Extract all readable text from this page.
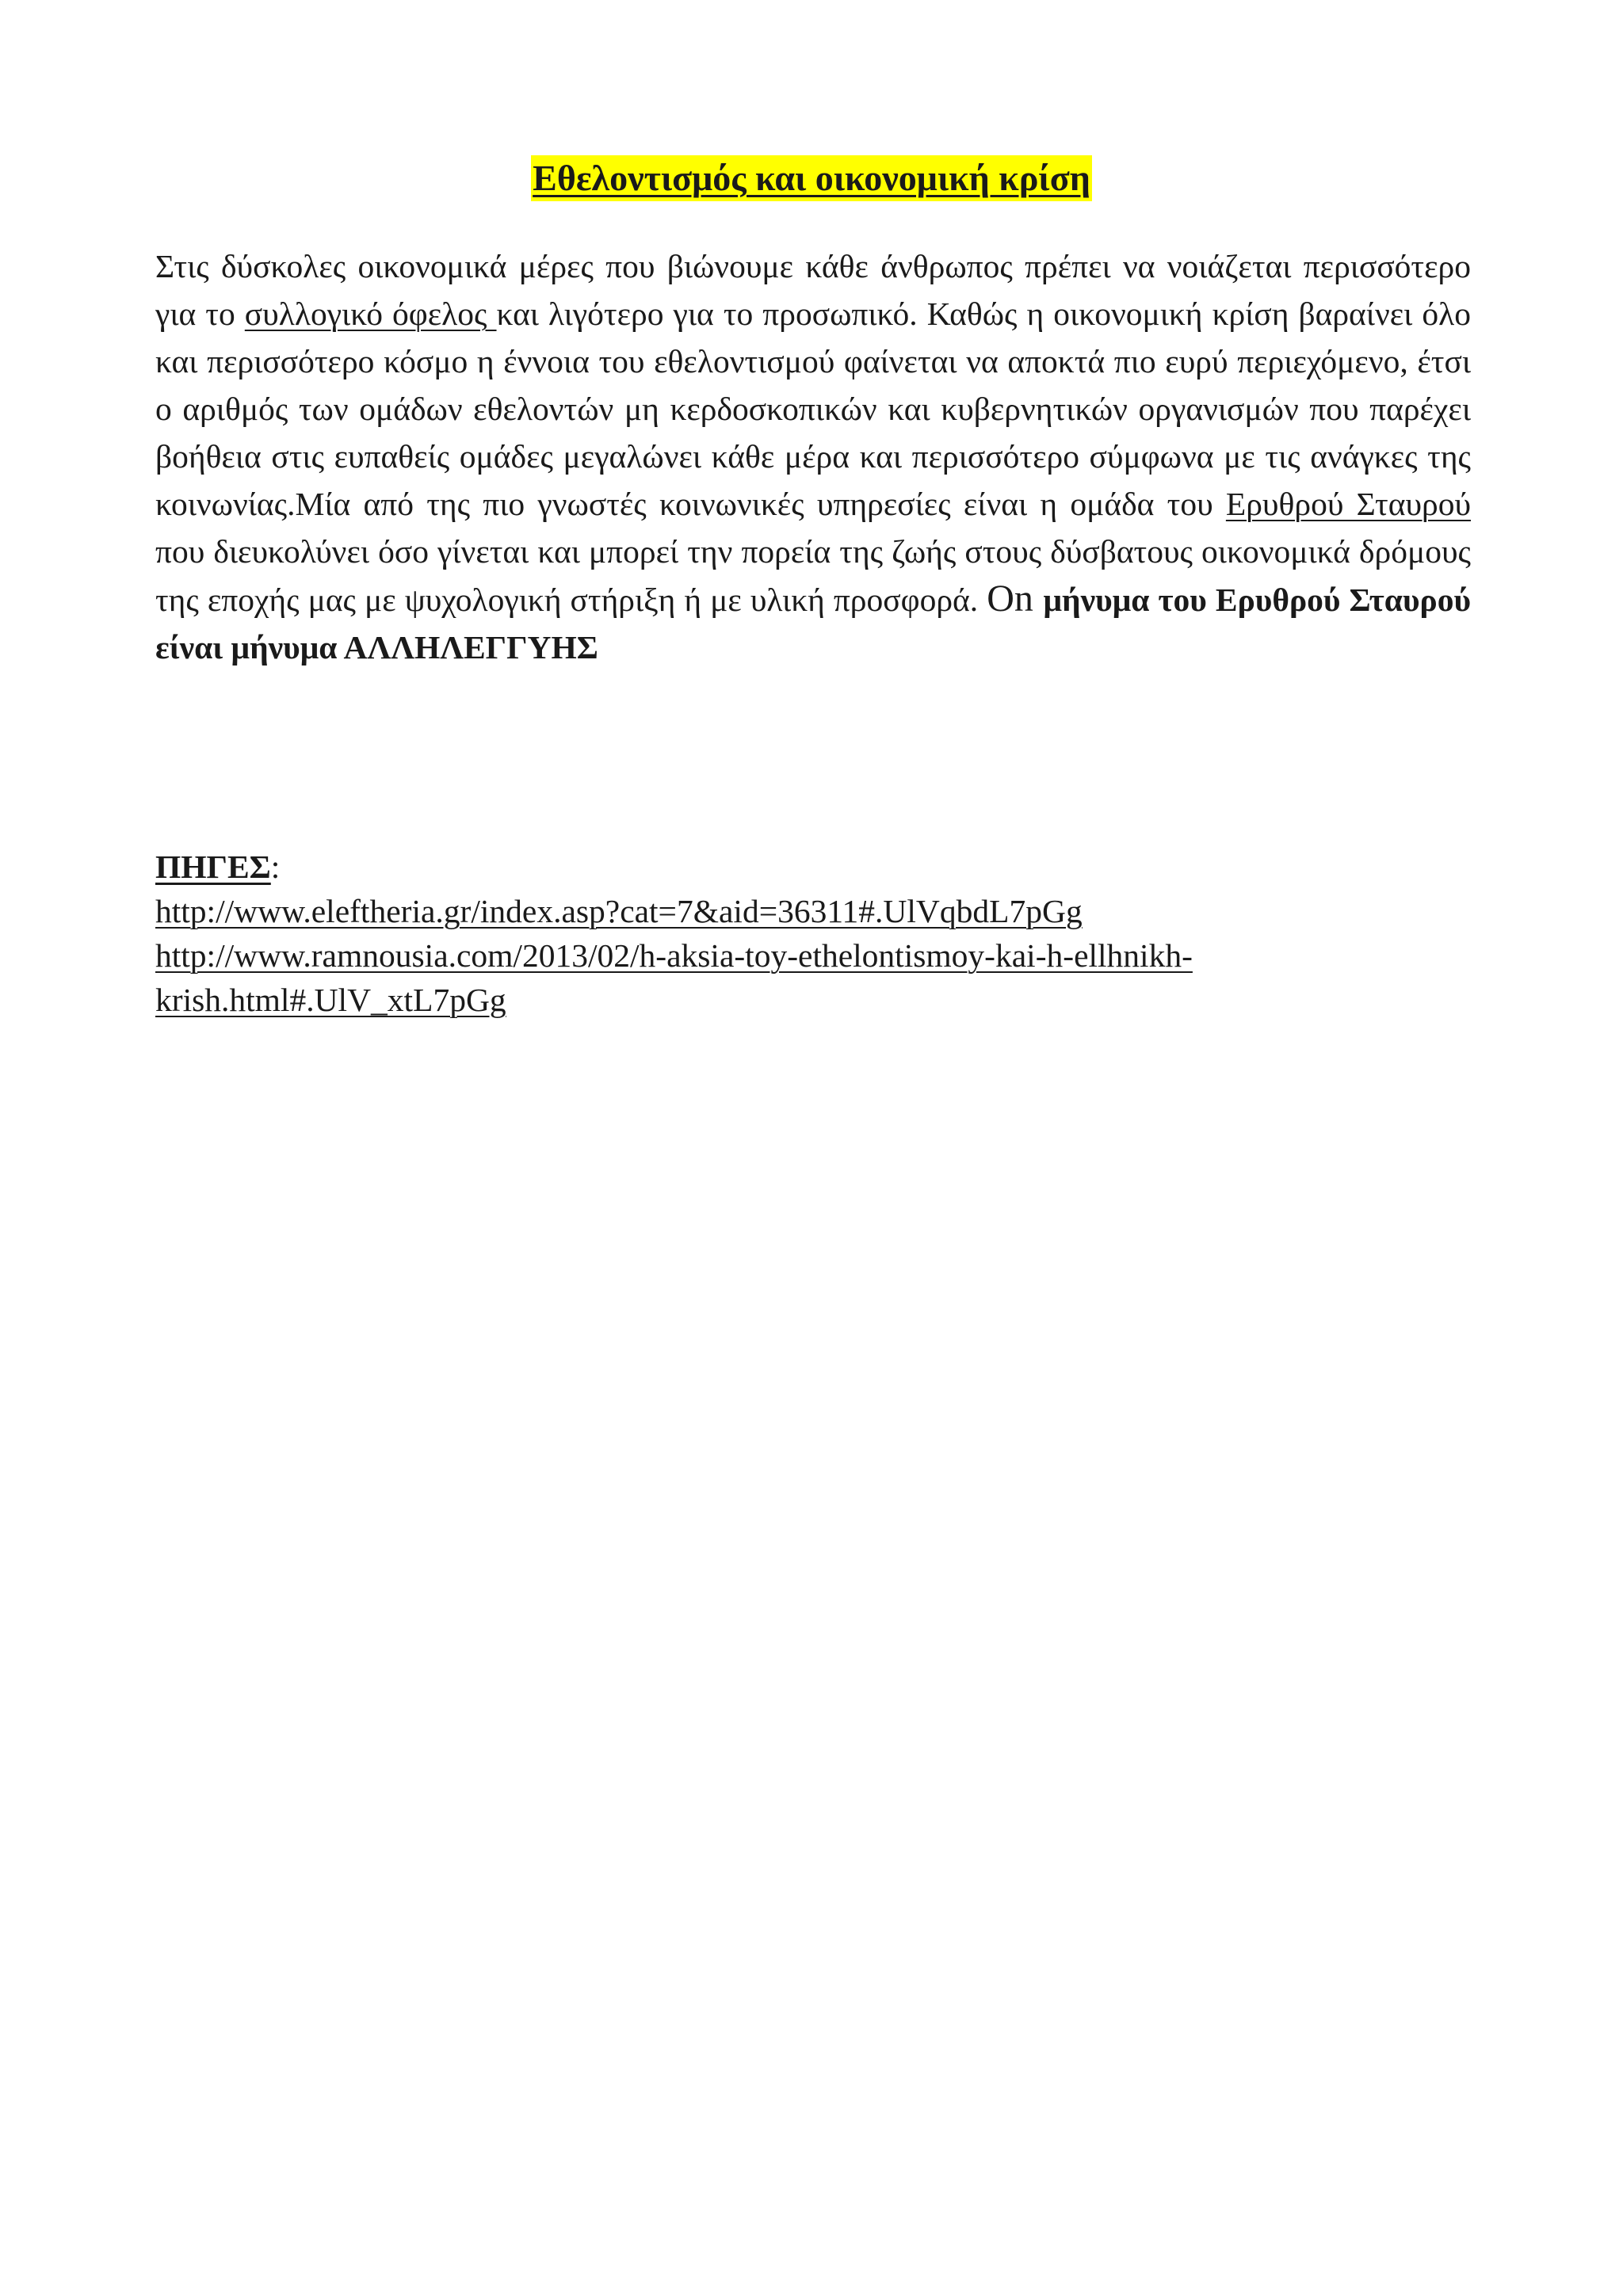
Εθελοντισμός και οικονομική κρίση

Στις δύσκολες οικονομικά μέρες που βιώνουμε κάθε άνθρωπος πρέπει να νοιάζεται περισσότερο για το συλλογικό όφελος και λιγότερο για το προσωπικό. Καθώς η οικονομική κρίση βαραίνει όλο και περισσότερο κόσμο η έννοια του εθελοντισμού φαίνεται να αποκτά πιο ευρύ περιεχόμενο, έτσι ο αριθμός των ομάδων εθελοντών μη κερδοσκοπικών και κυβερνητικών οργανισμών που παρέχει βοήθεια στις ευπαθείς ομάδες μεγαλώνει κάθε μέρα και περισσότερο σύμφωνα με τις ανάγκες της κοινωνίας.Μία από της πιο γνωστές κοινωνικές υπηρεσίες είναι η ομάδα του Ερυθρού Σταυρού που διευκολύνει όσο γίνεται και μπορεί την πορεία της ζωής στους δύσβατους οικονομικά δρόμους της εποχής μας με ψυχολογική στήριξη ή με υλική προσφορά. Οn μήνυμα του Ερυθρού Σταυρού είναι μήνυμα ΑΛΛΗΛΕΓΓΥΗΣ

ΠΗΓΕΣ:
http://www.eleftheria.gr/index.asp?cat=7&aid=36311#.UlVqbdL7pGg
http://www.ramnousia.com/2013/02/h-aksia-toy-ethelontismoy-kai-h-ellhnikh-
krish.html#.UlV_xtL7pGg
